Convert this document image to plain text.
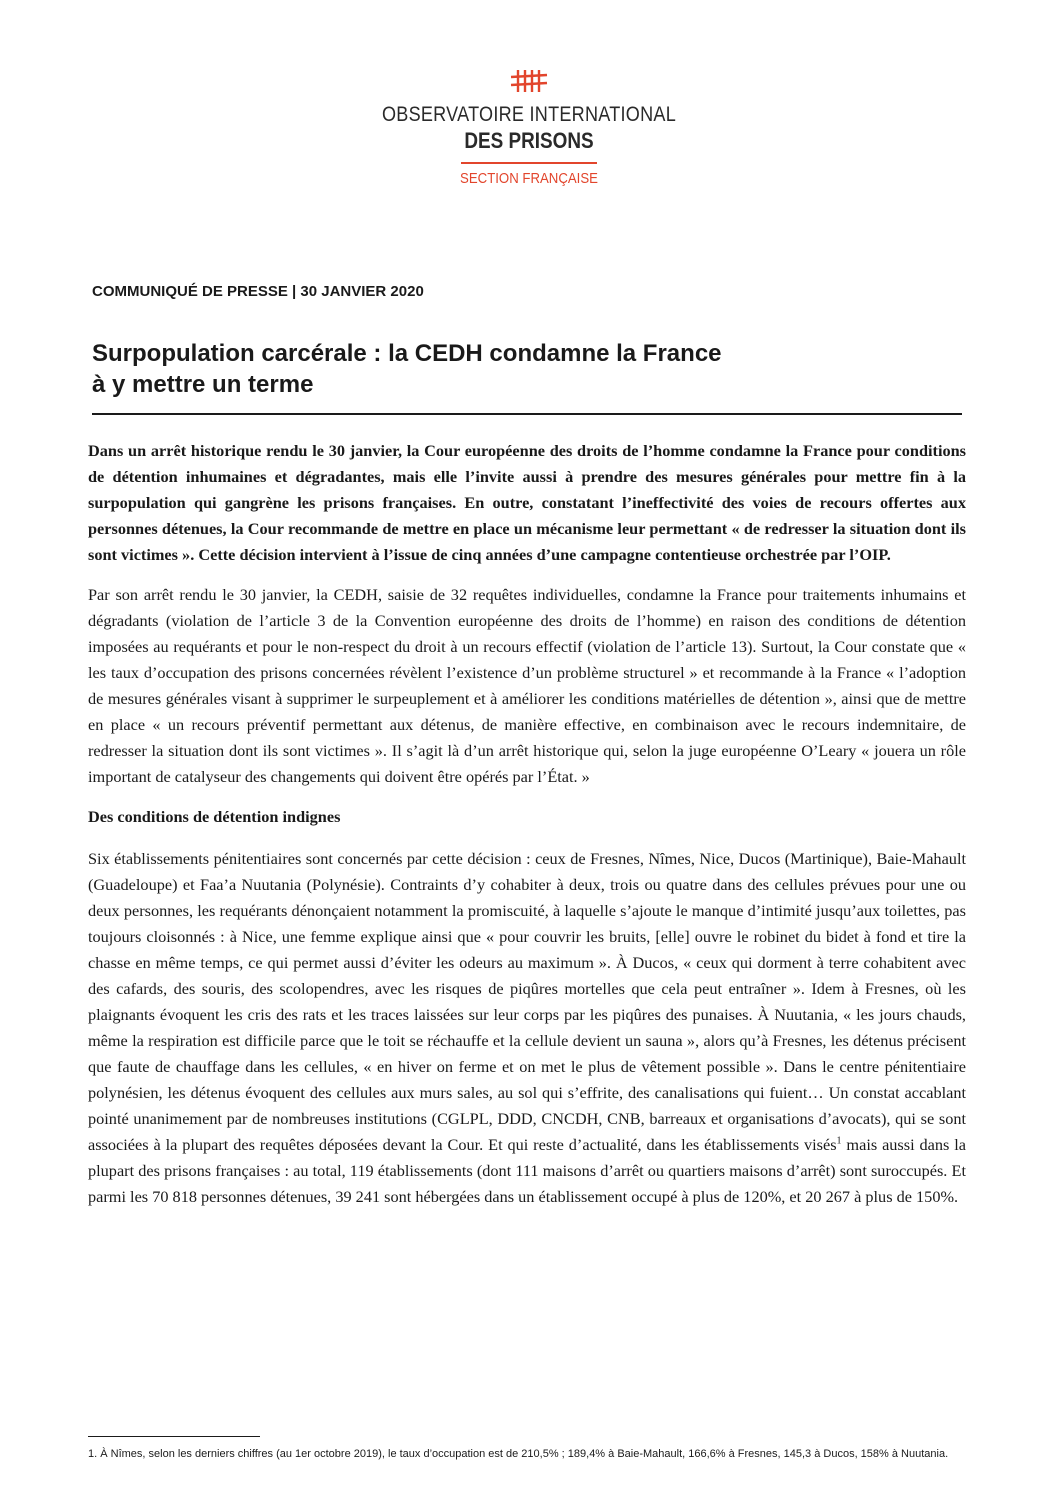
OBSERVATOIRE INTERNATIONAL
DES PRISONS
SECTION FRANÇAISE
COMMUNIQUÉ DE PRESSE | 30 JANVIER 2020
Surpopulation carcérale : la CEDH condamne la France
à y mettre un terme

Dans un arrêt historique rendu le 30 janvier, la Cour européenne des droits de l’homme condamne la France pour conditions de détention inhumaines et dégradantes, mais elle l’invite aussi à prendre des mesures générales pour mettre fin à la surpopulation qui gangrène les prisons françaises. En outre, constatant l’ineffectivité des voies de recours offertes aux personnes détenues, la Cour recommande de mettre en place un mécanisme leur permettant « de redresser la situation dont ils sont victimes ». Cette décision intervient à l’issue de cinq années d’une campagne contentieuse orchestrée par l’OIP.

Par son arrêt rendu le 30 janvier, la CEDH, saisie de 32 requêtes individuelles, condamne la France pour traitements inhumains et dégradants (violation de l’article 3 de la Convention européenne des droits de l’homme) en raison des conditions de détention imposées au requérants et pour le non-respect du droit à un recours effectif (violation de l’article 13). Surtout, la Cour constate que « les taux d’occupation des prisons concernées révèlent l’existence d’un problème structurel » et recommande à la France « l’adoption de mesures générales visant à supprimer le surpeuplement et à améliorer les conditions matérielles de détention », ainsi que de mettre en place « un recours préventif permettant aux détenus, de manière effective, en combinaison avec le recours indemnitaire, de redresser la situation dont ils sont victimes ». Il s’agit là d’un arrêt historique qui, selon la juge européenne O’Leary « jouera un rôle important de catalyseur des changements qui doivent être opérés par l’État. »

Des conditions de détention indignes

Six établissements pénitentiaires sont concernés par cette décision : ceux de Fresnes, Nîmes, Nice, Ducos (Martinique), Baie-Mahault (Guadeloupe) et Faa’a Nuutania (Polynésie). Contraints d’y cohabiter à deux, trois ou quatre dans des cellules prévues pour une ou deux personnes, les requérants dénonçaient notamment la promiscuité, à laquelle s’ajoute le manque d’intimité jusqu’aux toilettes, pas toujours cloisonnés : à Nice, une femme explique ainsi que « pour couvrir les bruits, [elle] ouvre le robinet du bidet à fond et tire la chasse en même temps, ce qui permet aussi d’éviter les odeurs au maximum ». À Ducos, « ceux qui dorment à terre cohabitent avec des cafards, des souris, des scolopendres, avec les risques de piqûres mortelles que cela peut entraîner ». Idem à Fresnes, où les plaignants évoquent les cris des rats et les traces laissées sur leur corps par les piqûres des punaises. À Nuutania, « les jours chauds, même la respiration est difficile parce que le toit se réchauffe et la cellule devient un sauna », alors qu’à Fresnes, les détenus précisent que faute de chauffage dans les cellules, « en hiver on ferme et on met le plus de vêtement possible ». Dans le centre pénitentiaire polynésien, les détenus évoquent des cellules aux murs sales, au sol qui s’effrite, des canalisations qui fuient… Un constat accablant pointé unanimement par de nombreuses institutions (CGLPL, DDD, CNCDH, CNB, barreaux et organisations d’avocats), qui se sont associées à la plupart des requêtes déposées devant la Cour. Et qui reste d’actualité, dans les établissements visés$^1$ mais aussi dans la plupart des prisons françaises : au total, 119 établissements (dont 111 maisons d’arrêt ou quartiers maisons d’arrêt) sont suroccupés. Et parmi les 70 818 personnes détenues, 39 241 sont hébergées dans un établissement occupé à plus de 120%, et 20 267 à plus de 150%.

1. À Nîmes, selon les derniers chiffres (au 1er octobre 2019), le taux d’occupation est de 210,5% ; 189,4% à Baie-Mahault, 166,6% à Fresnes, 145,3 à Ducos, 158% à Nuutania.
